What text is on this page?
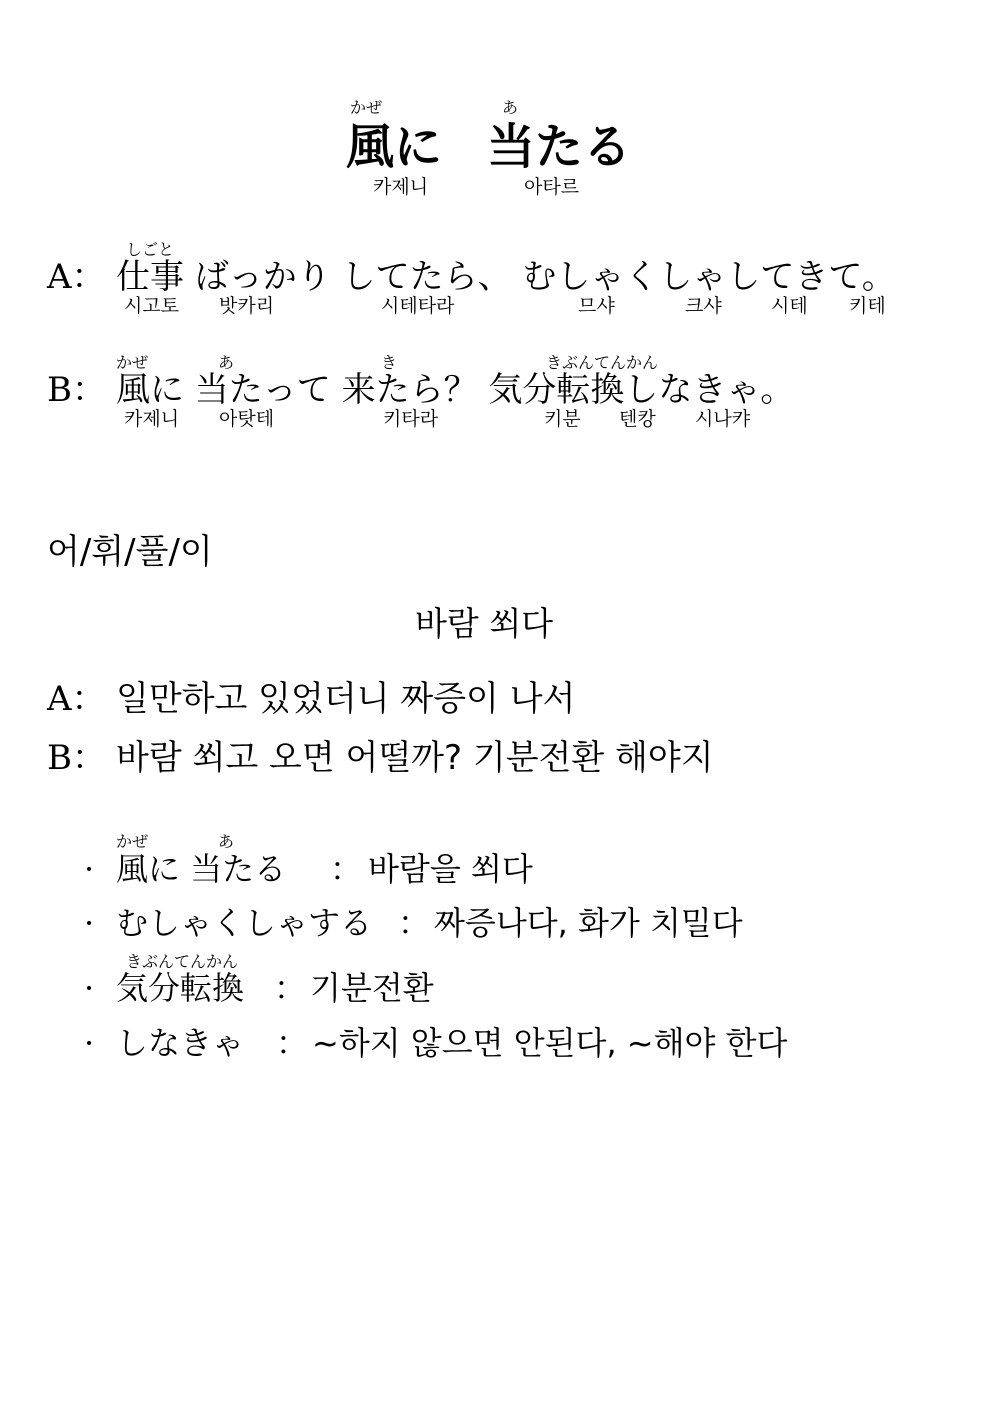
かぜ	あ
風に 当たる
카제니	아타르
しごと
A： 仕事 ばっかり してたら、 むしゃくしゃしてきて。
시고토 밧카리	시테타라	므샤	크샤	시테 키테
かぜ	あ	き	きぶんてんかん
B： 風に 当たって 来たら？ 気分転換しなきゃ。
카제니 아탓테	키타라	키분 텐캉 시나캬
어/휘/풀/이
바람 쐬다
A： 일만하고 있었더니 짜증이 나서
B： 바람 쐬고 오면 어떨까? 기분전환 해야지
かぜ	あ
· 風に 当たる ： 바람을 쐬다
· むしゃくしゃする ： 짜증나다, 화가 치밀다
きぶんてんかん
· 気分転換 ： 기분전환
· しなきゃ ： ~하지 않으면 안된다, ~해야 한다
